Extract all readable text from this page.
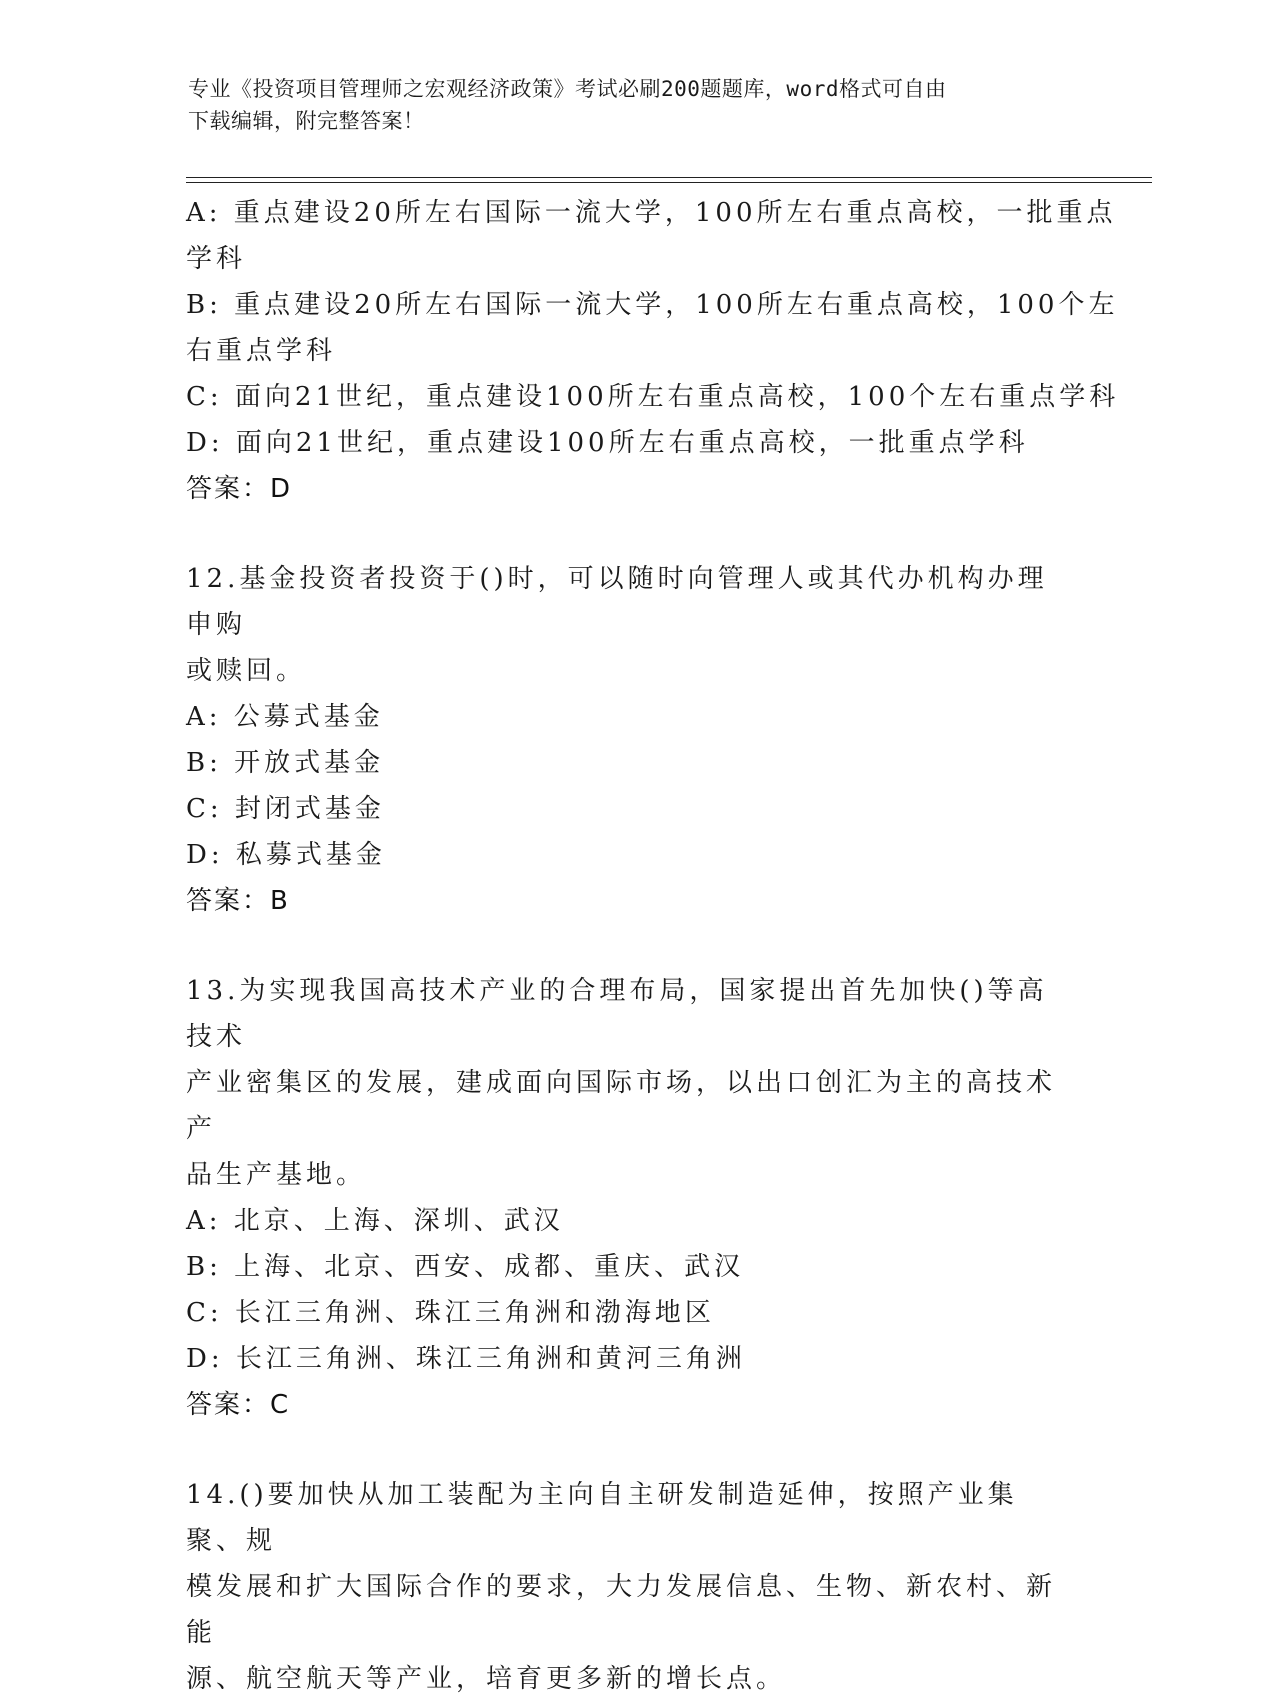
专业《投资项目管理师之宏观经济政策》考试必刷200题题库，word格式可自由
下载编辑，附完整答案！
A: 重点建设20所左右国际一流大学，100所左右重点高校，一批重点
学科
B: 重点建设20所左右国际一流大学，100所左右重点高校，100个左
右重点学科
C: 面向21世纪，重点建设100所左右重点高校，100个左右重点学科
D: 面向21世纪，重点建设100所左右重点高校，一批重点学科
答案：D
12.基金投资者投资于()时，可以随时向管理人或其代办机构办理申购
或赎回。
A: 公募式基金
B: 开放式基金
C: 封闭式基金
D: 私募式基金
答案：B
13.为实现我国高技术产业的合理布局，国家提出首先加快()等高技术
产业密集区的发展，建成面向国际市场，以出口创汇为主的高技术产
品生产基地。
A: 北京、上海、深圳、武汉
B: 上海、北京、西安、成都、重庆、武汉
C: 长江三角洲、珠江三角洲和渤海地区
D: 长江三角洲、珠江三角洲和黄河三角洲
答案：C
14.()要加快从加工装配为主向自主研发制造延伸，按照产业集聚、规
模发展和扩大国际合作的要求，大力发展信息、生物、新农村、新能
源、航空航天等产业，培育更多新的增长点。
